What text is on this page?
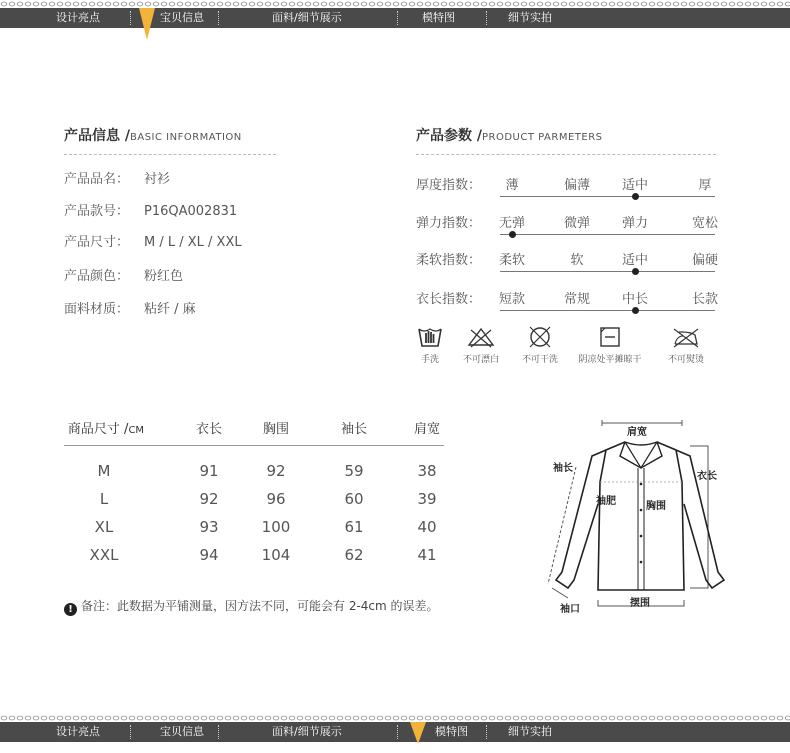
设计亮点	宝贝信息	面料/细节展示	模特图	细节实拍
产品信息 /BASIC INFORMATION
产品品名： 衬衫
产品款号： P16QA002831
产品尺寸： M / L / XL / XXL
产品颜色： 粉红色
面料材质： 粘纤 / 麻
产品参数 /PRODUCT PARMETERS
厚度指数： 薄	偏薄 适中	厚
弹力指数： 无弹	微弹 弹力	宽松
柔软指数： 柔软	软	适中	偏硬
衣长指数： 短款	常规 中长	长款
手洗	不可漂白	不可干洗	阴凉处平摊晾干	不可熨烫
商品尺寸 /CM	衣长	胸围	袖长	肩宽
M	91	92	59	38
L	92	96	60	39
XL	93	100	61	40
XXL	94	104	62	41
! 备注：此数据为平铺测量，因方法不同，可能会有 2-4cm 的误差。
肩宽
袖长
衣长
袖肥	胸围
袖口
摆围
设计亮点	宝贝信息	面料/细节展示	模特图	细节实拍
